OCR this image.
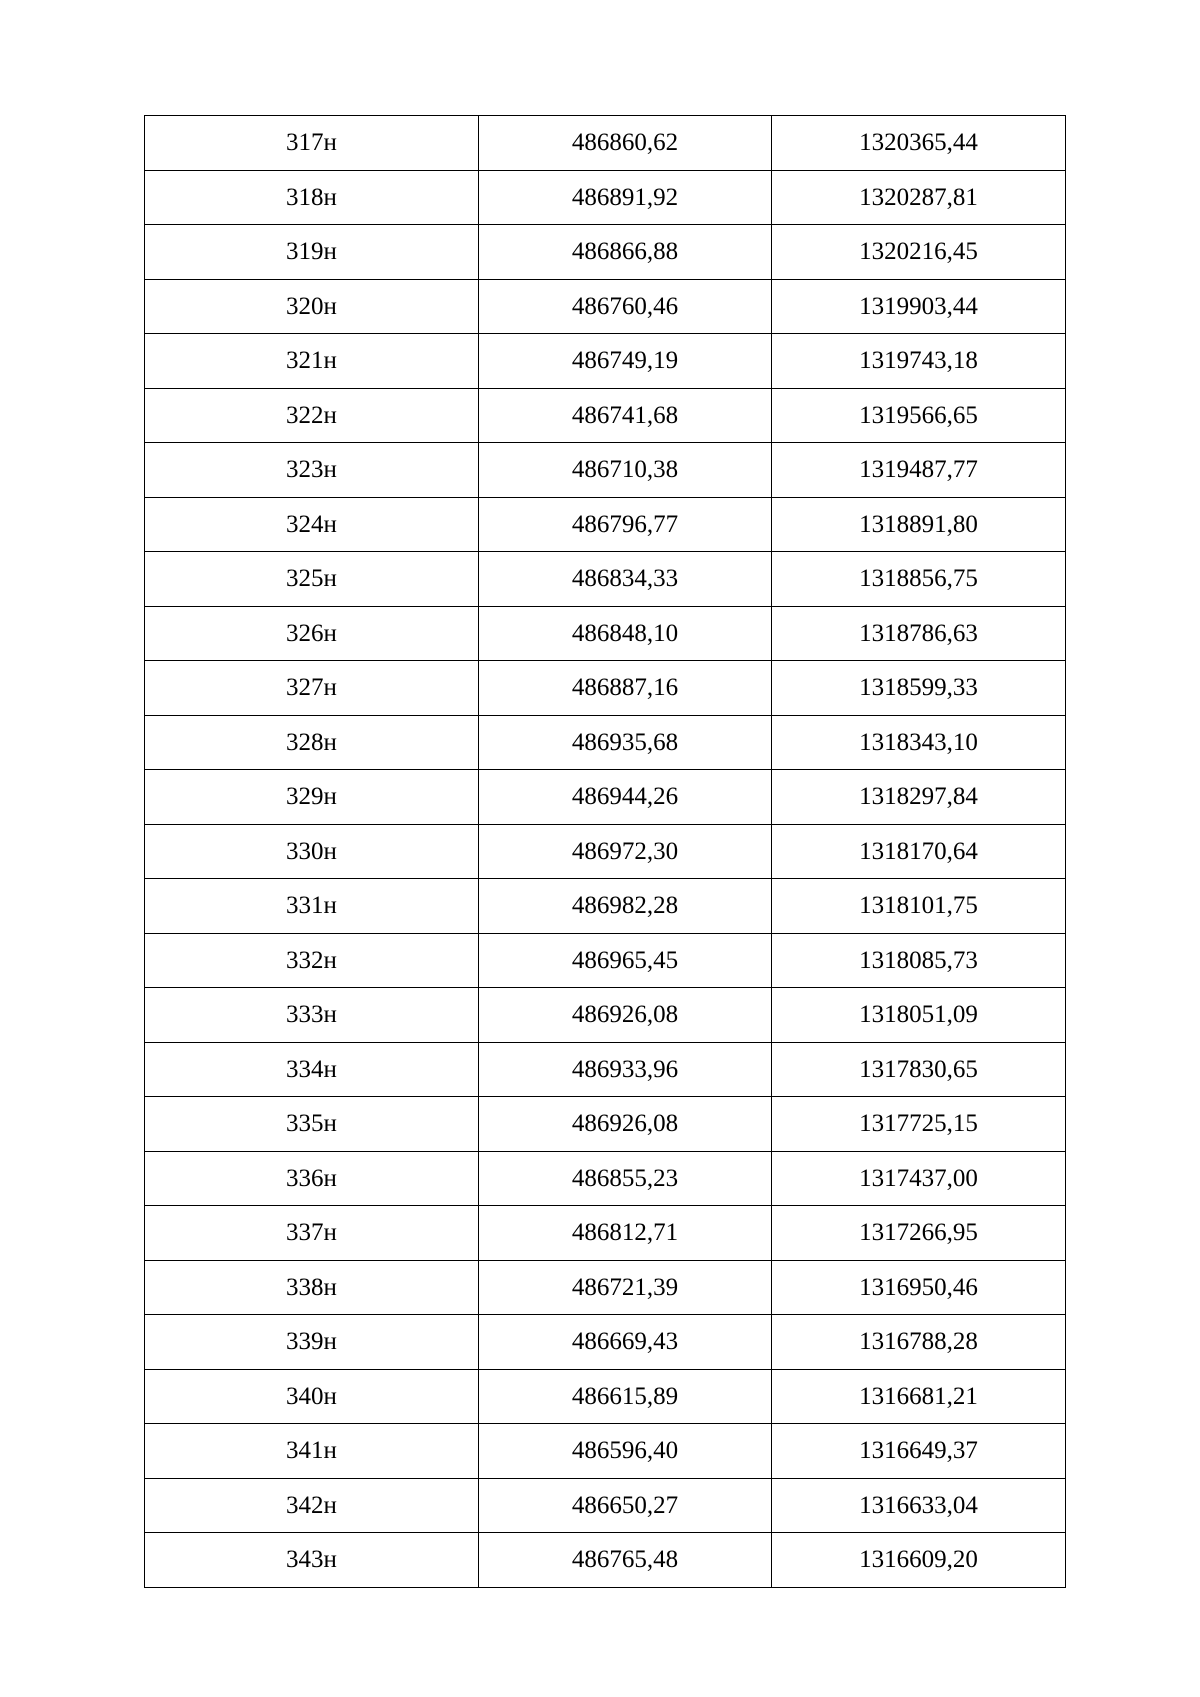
317н	486860,62	1320365,44
318н	486891,92	1320287,81
319н	486866,88	1320216,45
320н	486760,46	1319903,44
321н	486749,19	1319743,18
322н	486741,68	1319566,65
323н	486710,38	1319487,77
324н	486796,77	1318891,80
325н	486834,33	1318856,75
326н	486848,10	1318786,63
327н	486887,16	1318599,33
328н	486935,68	1318343,10
329н	486944,26	1318297,84
330н	486972,30	1318170,64
331н	486982,28	1318101,75
332н	486965,45	1318085,73
333н	486926,08	1318051,09
334н	486933,96	1317830,65
335н	486926,08	1317725,15
336н	486855,23	1317437,00
337н	486812,71	1317266,95
338н	486721,39	1316950,46
339н	486669,43	1316788,28
340н	486615,89	1316681,21
341н	486596,40	1316649,37
342н	486650,27	1316633,04
343н	486765,48	1316609,20
